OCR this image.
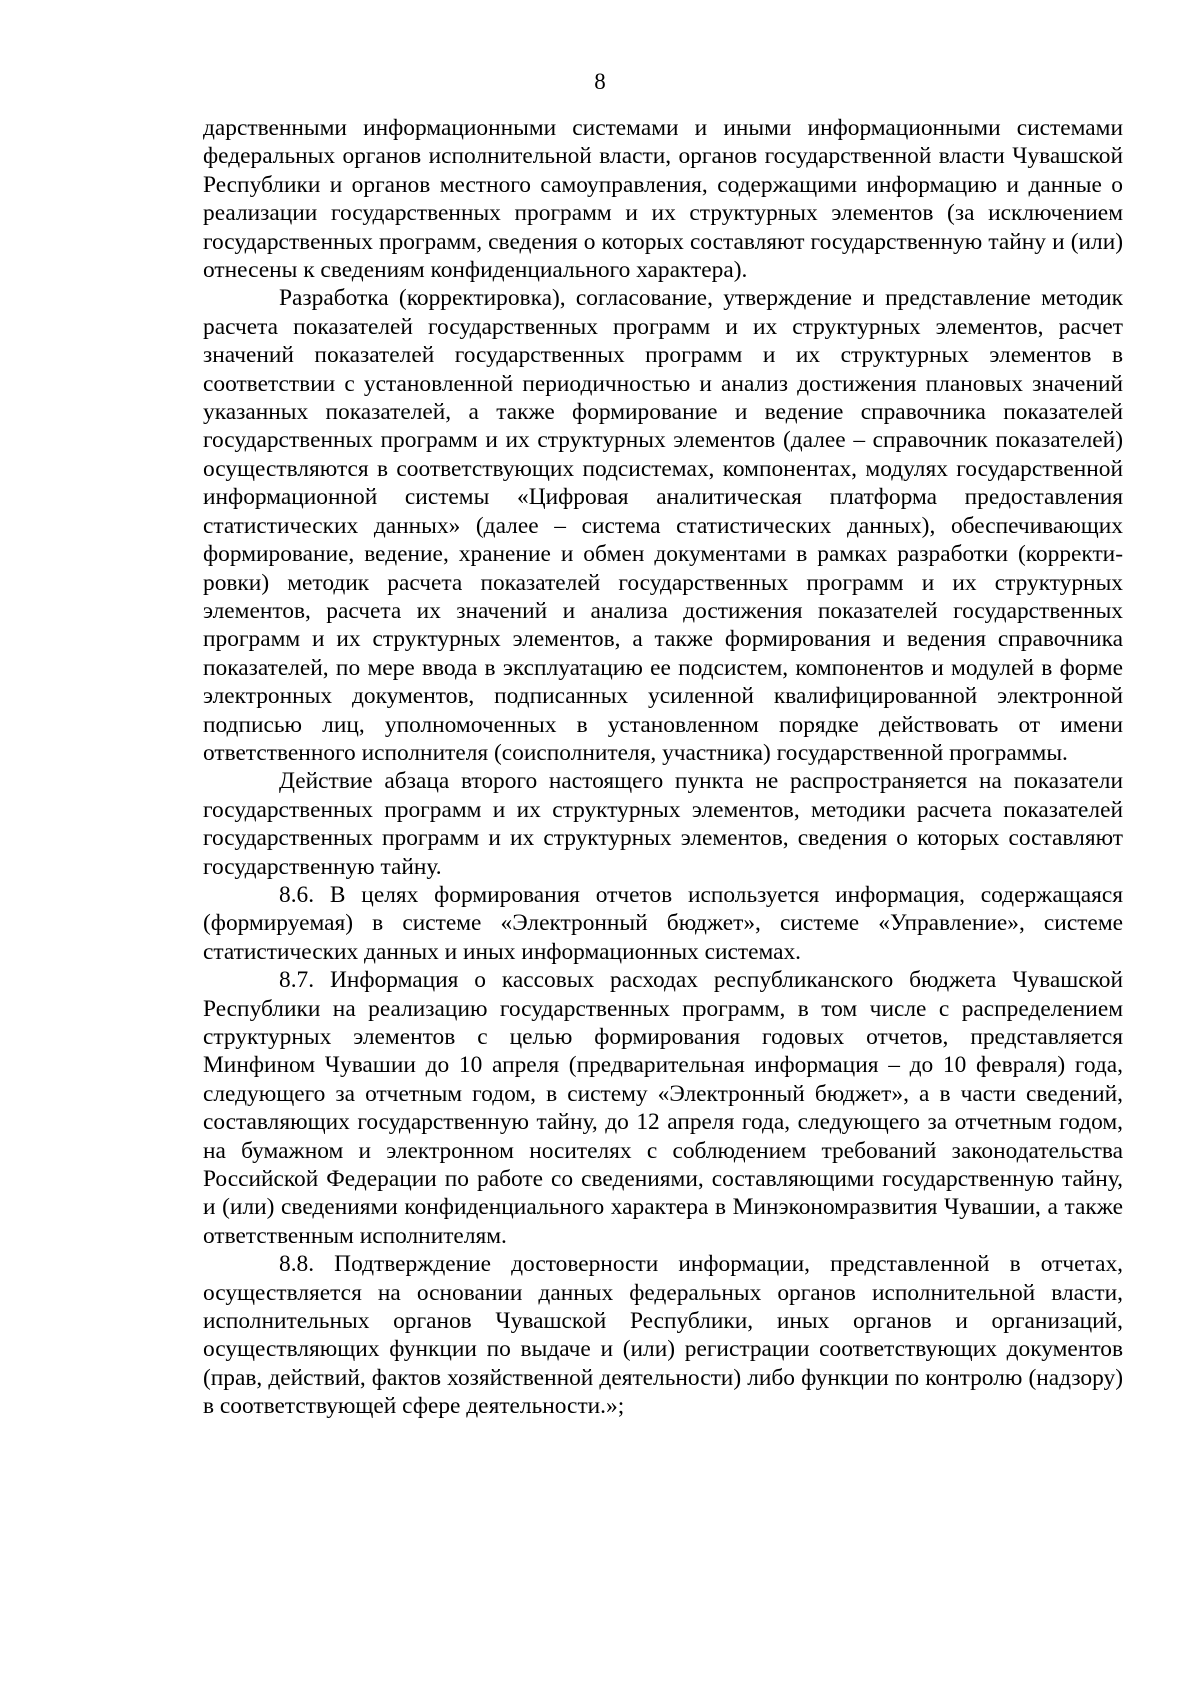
8

дарственными информационными системами и иными информационными системами федеральных органов исполнительной власти, органов государственной власти Чувашской Республики и органов местного самоуправления, содержащими информацию и данные о реализации государственных программ и их структурных элементов (за исключением государственных программ, сведения о которых составляют государственную тайну и (или) отнесены к сведениям конфиденциального характера).

Разработка (корректировка), согласование, утверждение и представление методик расчета показателей государственных программ и их структурных элементов, расчет значений показателей государственных программ и их структурных элементов в соответствии с установленной периодичностью и анализ достижения плановых значений указанных показателей, а также формирование и ведение справочника показателей государственных программ и их структурных элементов (далее – справочник показателей) осуществляются в соответствующих подсистемах, компонентах, модулях государственной информационной системы «Цифровая аналитическая платформа предоставления статистических данных» (далее – система статистических данных), обеспечивающих формирование, ведение, хранение и обмен документами в рамках разработки (корректировки) методик расчета показателей государственных программ и их структурных элементов, расчета их значений и анализа достижения показателей государственных программ и их структурных элементов, а также формирования и ведения справочника показателей, по мере ввода в эксплуатацию ее подсистем, компонентов и модулей в форме электронных документов, подписанных усиленной квалифицированной электронной подписью лиц, уполномоченных в установленном порядке действовать от имени ответственного исполнителя (соисполнителя, участника) государственной программы.

Действие абзаца второго настоящего пункта не распространяется на показатели государственных программ и их структурных элементов, методики расчета показателей государственных программ и их структурных элементов, сведения о которых составляют государственную тайну.

8.6. В целях формирования отчетов используется информация, содержащаяся (формируемая) в системе «Электронный бюджет», системе «Управление», системе статистических данных и иных информационных системах.

8.7. Информация о кассовых расходах республиканского бюджета Чувашской Республики на реализацию государственных программ, в том числе с распределением структурных элементов с целью формирования годовых отчетов, представляется Минфином Чувашии до 10 апреля (предварительная информация – до 10 февраля) года, следующего за отчетным годом, в систему «Электронный бюджет», а в части сведений, составляющих государственную тайну, до 12 апреля года, следующего за отчетным годом, на бумажном и электронном носителях с соблюдением требований законодательства Российской Федерации по работе со сведениями, составляющими государственную тайну, и (или) сведениями конфиденциального характера в Минэкономразвития Чувашии, а также ответственным исполнителям.

8.8. Подтверждение достоверности информации, представленной в отчетах, осуществляется на основании данных федеральных органов исполнительной власти, исполнительных органов Чувашской Республики, иных органов и организаций, осуществляющих функции по выдаче и (или) регистрации соответствующих документов (прав, действий, фактов хозяйственной деятельности) либо функции по контролю (надзору) в соответствующей сфере деятельности.»;
